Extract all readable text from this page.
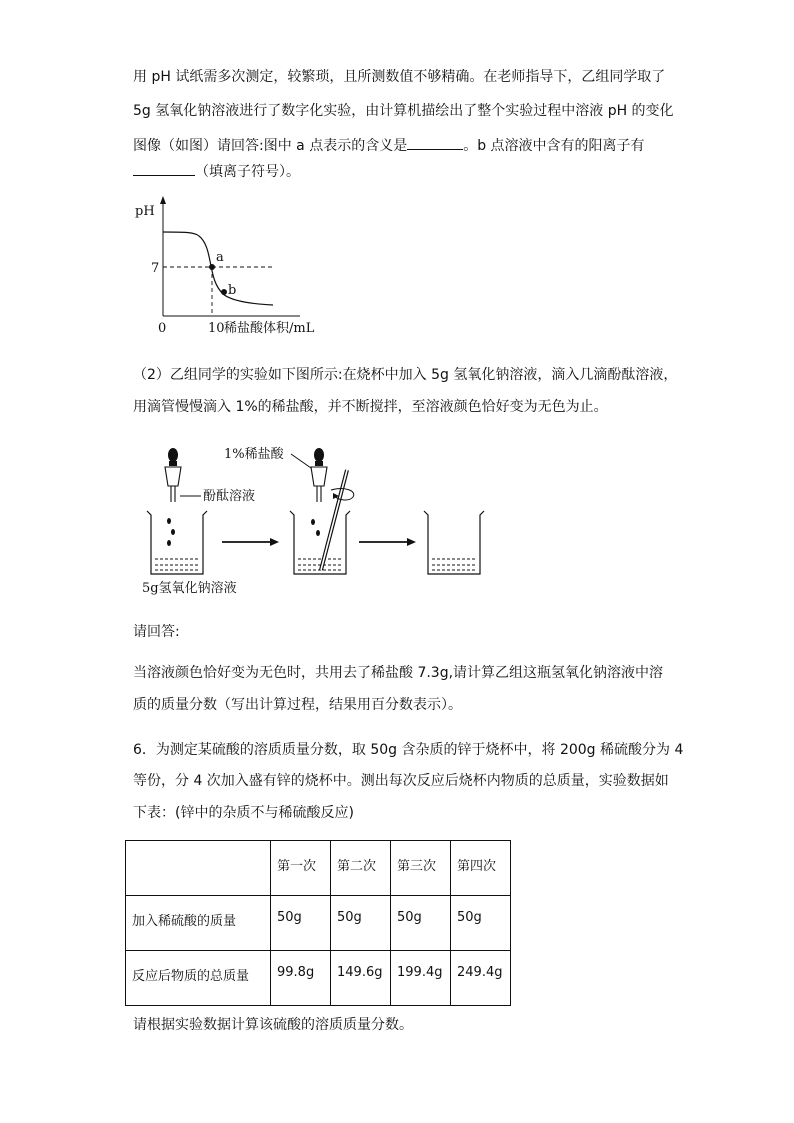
用 pH 试纸需多次测定，较繁琐，且所测数值不够精确。在老师指导下，乙组同学取了
5g 氢氧化钠溶液进行了数字化实验，由计算机描绘出了整个实验过程中溶液 pH 的变化
图像（如图）请回答:图中 a 点表示的含义是	。b 点溶液中含有的阳离子有
（填离子符号）。
pH
7
0	10 稀盐酸体积/mL
a
b
（2）乙组同学的实验如下图所示:在烧杯中加入 5g 氢氧化钠溶液，滴入几滴酚酞溶液，
用滴管慢慢滴入 1%的稀盐酸，并不断搅拌，至溶液颜色恰好变为无色为止。
酚酞溶液
5g氢氧化钠溶液
1%稀盐酸
请回答:
当溶液颜色恰好变为无色时，共用去了稀盐酸 7.3g,请计算乙组这瓶氢氧化钠溶液中溶
质的质量分数（写出计算过程，结果用百分数表示）。
6．为测定某硫酸的溶质质量分数，取 50g 含杂质的锌于烧杯中，将 200g 稀硫酸分为 4
等份，分 4 次加入盛有锌的烧杯中。测出每次反应后烧杯内物质的总质量，实验数据如
下表：(锌中的杂质不与稀硫酸反应)
	第一次	第二次	第三次	第四次
加入稀硫酸的质量	50g	50g	50g	50g
反应后物质的总质量	99.8g	149.6g	199.4g	249.4g
请根据实验数据计算该硫酸的溶质质量分数。
